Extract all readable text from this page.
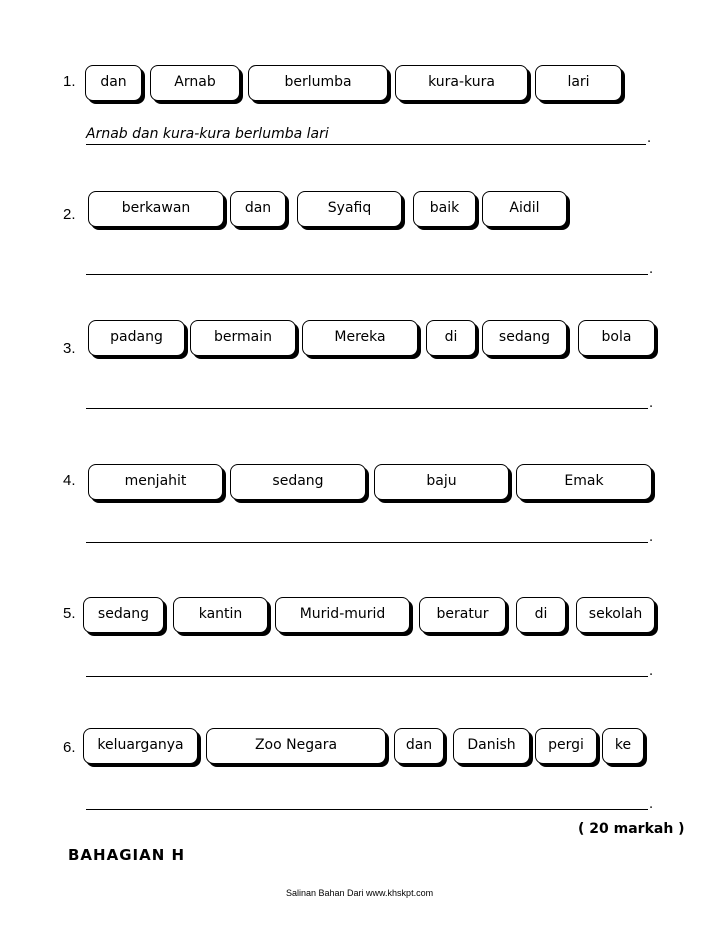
1.	dan	Arnab	berlumba	kura-kura	lari
Arnab dan kura-kura berlumba lari	.
2.	berkawan	dan	Syafiq	baik	Aidil
.
3.
padang	bermain	Mereka	di	sedang	bola
.
4.	menjahit	sedang	baju	Emak
.
5.	sedang	kantin	Murid-murid	beratur	di	sekolah
.
6.	keluarganya	Zoo Negara	dan	Danish	pergi	ke
.
( 20 markah )
BAHAGIAN H
Salinan Bahan Dari www.khskpt.com
